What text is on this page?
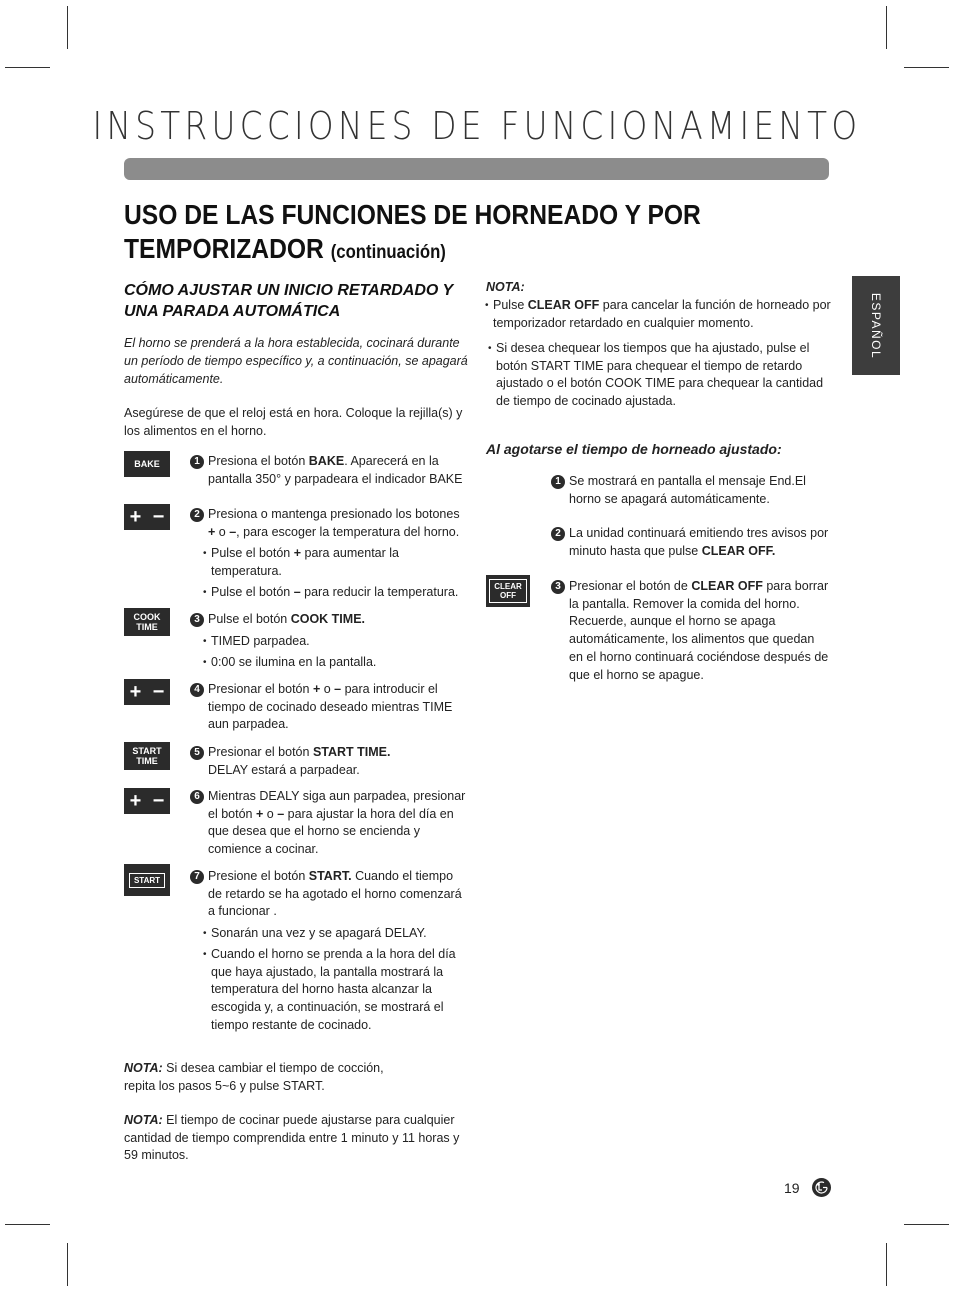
INSTRUCCIONES DE FUNCIONAMIENTO
USO DE LAS FUNCIONES DE HORNEADO Y POR TEMPORIZADOR (continuación)
ESPAÑOL
CÓMO AJUSTAR UN INICIO RETARDADO Y UNA PARADA AUTOMÁTICA
El horno se prenderá a la hora establecida, cocinará durante un período de tiempo específico y, a continuación, se apagará automáticamente.
Asegúrese de que el reloj está en hora. Coloque la rejilla(s) y los alimentos en el horno.
BAKE
+ −
COOK
TIME
+ −
START
TIME
+ −
START
1 Presiona el botón BAKE. Aparecerá en la pantalla 350° y parpadeara el indicador BAKE
2 Presiona o mantenga presionado los botones + o –, para escoger la temperatura del horno.
• Pulse el botón + para aumentar la temperatura.
• Pulse el botón – para reducir la temperatura.
3 Pulse el botón COOK TIME.
• TIMED parpadea.
• 0:00 se ilumina en la pantalla.
4 Presionar el botón + o – para introducir el tiempo de cocinado deseado mientras TIME aun parpadea.
5 Presionar el botón START TIME.
DELAY estará a parpadear.
6 Mientras DEALY siga aun parpadea, presionar el botón + o – para ajustar la hora del día en que desea que el horno se encienda y comience a cocinar.
7 Presione el botón START. Cuando el tiempo de retardo se ha agotado el horno comenzará a funcionar .
• Sonarán una vez y se apagará DELAY.
• Cuando el horno se prenda a la hora del día que haya ajustado, la pantalla mostrará la temperatura del horno hasta alcanzar la escogida y, a continuación, se mostrará el tiempo restante de cocinado.
NOTA: Si desea cambiar el tiempo de cocción, repita los pasos 5~6 y pulse START.
NOTA: El tiempo de cocinar puede ajustarse para cualquier cantidad de tiempo comprendida entre 1 minuto y 11 horas y 59 minutos.
NOTA:
• Pulse CLEAR OFF para cancelar la función de horneado por temporizador retardado en cualquier momento.
• Si desea chequear los tiempos que ha ajustado, pulse el botón START TIME para chequear el tiempo de retardo ajustado o el botón COOK TIME para chequear la cantidad de tiempo de cocinado ajustada.
Al agotarse el tiempo de horneado ajustado:
1 Se mostrará en pantalla el mensaje End.El horno se apagará automáticamente.
2 La unidad continuará emitiendo tres avisos por minuto hasta que pulse CLEAR OFF.
CLEAR
OFF
3 Presionar el botón de CLEAR OFF para borrar la pantalla. Remover la comida del horno.
Recuerde, aunque el horno se apaga automáticamente, los alimentos que quedan en el horno continuará cociéndose después de que el horno se apague.
19
